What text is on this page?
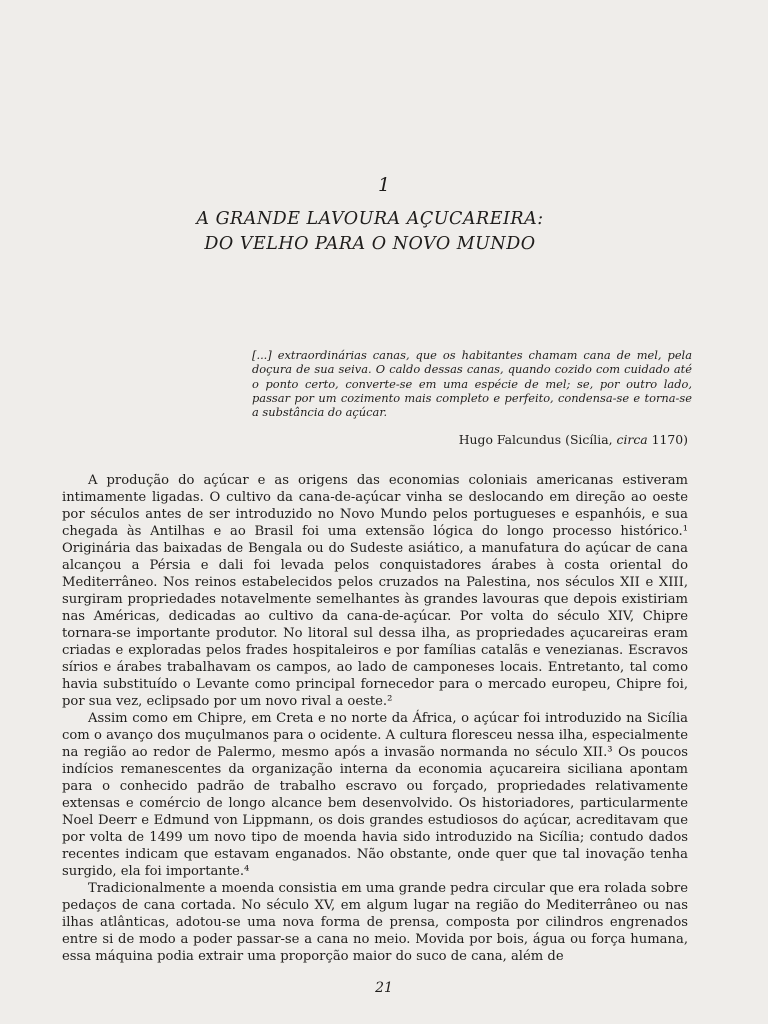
1
A GRANDE LAVOURA AÇUCAREIRA:
DO VELHO PARA O NOVO MUNDO

[...] extraordinárias canas, que os habitantes chamam cana de mel, pela doçura de sua seiva. O caldo dessas canas, quando cozido com cuidado até o ponto certo, converte-se em uma espécie de mel; se, por outro lado, passar por um cozimento mais completo e perfeito, condensa-se e torna-se a substância do açúcar.

Hugo Falcundus (Sicília, circa 1170)

A produção do açúcar e as origens das economias coloniais americanas estiveram intimamente ligadas. O cultivo da cana-de-açúcar vinha se deslocando em direção ao oeste por séculos antes de ser introduzido no Novo Mundo pelos portugueses e espanhóis, e sua chegada às Antilhas e ao Brasil foi uma extensão lógica do longo processo histórico.¹ Originária das baixadas de Bengala ou do Sudeste asiático, a manufatura do açúcar de cana alcançou a Pérsia e dali foi levada pelos conquistadores árabes à costa oriental do Mediterrâneo. Nos reinos estabelecidos pelos cruzados na Palestina, nos séculos XII e XIII, surgiram propriedades notavelmente semelhantes às grandes lavouras que depois existiriam nas Américas, dedicadas ao cultivo da cana-de-açúcar. Por volta do século XIV, Chipre tornara-se importante produtor. No litoral sul dessa ilha, as propriedades açucareiras eram criadas e exploradas pelos frades hospitaleiros e por famílias catalãs e venezianas. Escravos sírios e árabes trabalhavam os campos, ao lado de camponeses locais. Entretanto, tal como havia substituído o Levante como principal fornecedor para o mercado europeu, Chipre foi, por sua vez, eclipsado por um novo rival a oeste.²

Assim como em Chipre, em Creta e no norte da África, o açúcar foi introduzido na Sicília com o avanço dos muçulmanos para o ocidente. A cultura floresceu nessa ilha, especialmente na região ao redor de Palermo, mesmo após a invasão normanda no século XII.³ Os poucos indícios remanescentes da organização interna da economia açucareira siciliana apontam para o conhecido padrão de trabalho escravo ou forçado, propriedades relativamente extensas e comércio de longo alcance bem desenvolvido. Os historiadores, particularmente Noel Deerr e Edmund von Lippmann, os dois grandes estudiosos do açúcar, acreditavam que por volta de 1499 um novo tipo de moenda havia sido introduzido na Sicília; contudo dados recentes indicam que estavam enganados. Não obstante, onde quer que tal inovação tenha surgido, ela foi importante.⁴

Tradicionalmente a moenda consistia em uma grande pedra circular que era rolada sobre pedaços de cana cortada. No século XV, em algum lugar na região do Mediterrâneo ou nas ilhas atlânticas, adotou-se uma nova forma de prensa, composta por cilindros engrenados entre si de modo a poder passar-se a cana no meio. Movida por bois, água ou força humana, essa máquina podia extrair uma proporção maior do suco de cana, além de

21
